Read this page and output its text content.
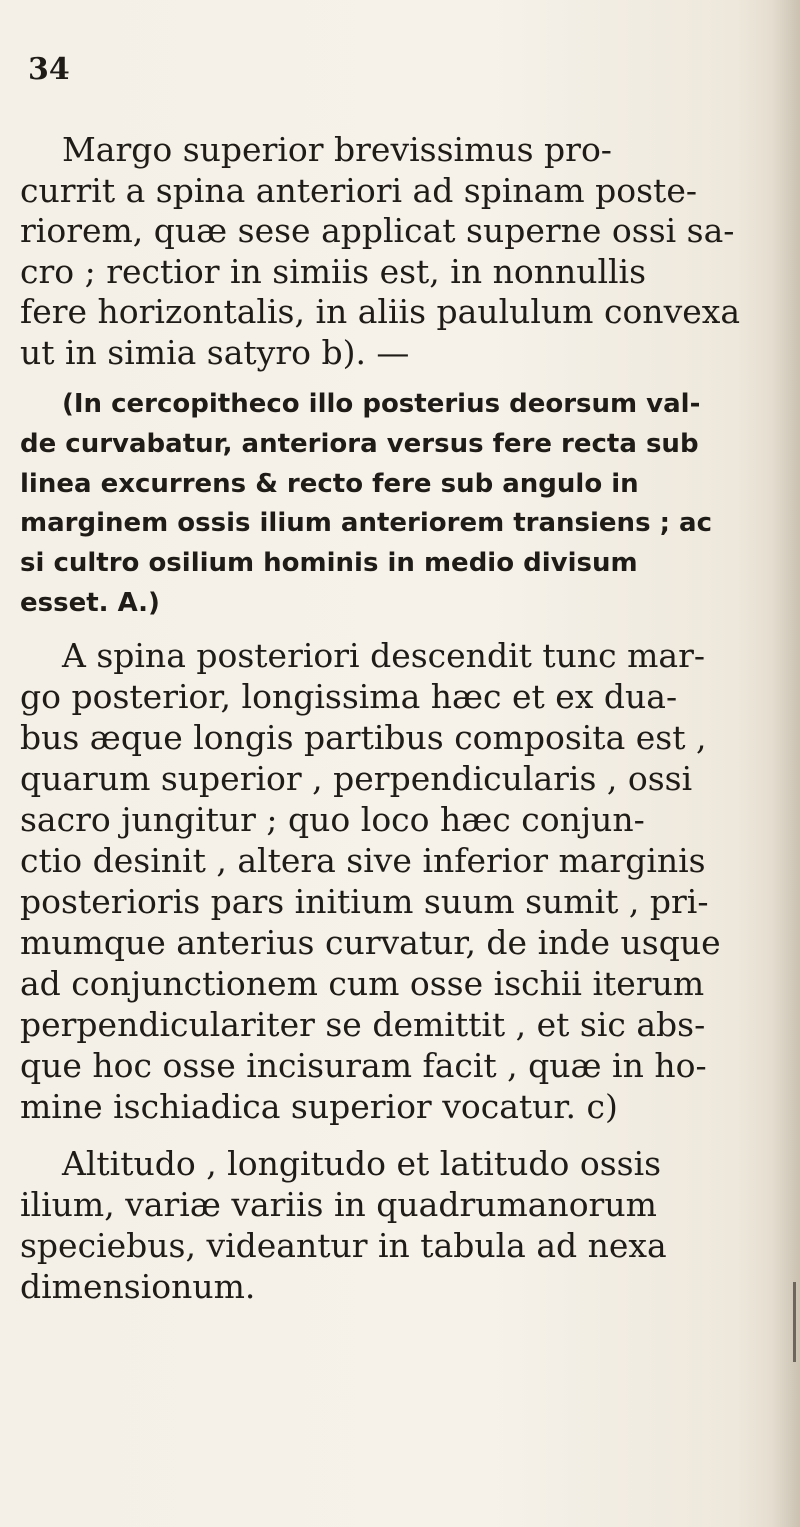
34
Margo superior brevissimus pro-
currit a spina anteriori ad spinam poste-
riorem, quæ sese applicat superne ossi sa-
cro ; rectior in simiis est, in nonnullis
fere horizontalis, in aliis paululum convexa
ut in simia satyro b). —
(In cercopitheco illo posterius deorsum val-
de curvabatur, anteriora versus fere recta sub
linea excurrens & recto fere sub angulo in
marginem ossis ilium anteriorem transiens ; ac
si cultro osilium hominis in medio divisum
esset. A.)
A spina posteriori descendit tunc mar-
go posterior, longissima hæc et ex dua-
bus æque longis partibus composita est ,
quarum superior , perpendicularis , ossi
sacro jungitur ; quo loco hæc conjun-
ctio desinit , altera sive inferior marginis
posterioris pars initium suum sumit , pri-
mumque anterius curvatur, de inde usque
ad conjunctionem cum osse ischii iterum
perpendiculariter se demittit , et sic abs-
que hoc osse incisuram facit , quæ in ho-
mine ischiadica superior vocatur. c)
Altitudo , longitudo et latitudo ossis
ilium, variæ variis in quadrumanorum
speciebus, videantur in tabula ad nexa
dimensionum.
